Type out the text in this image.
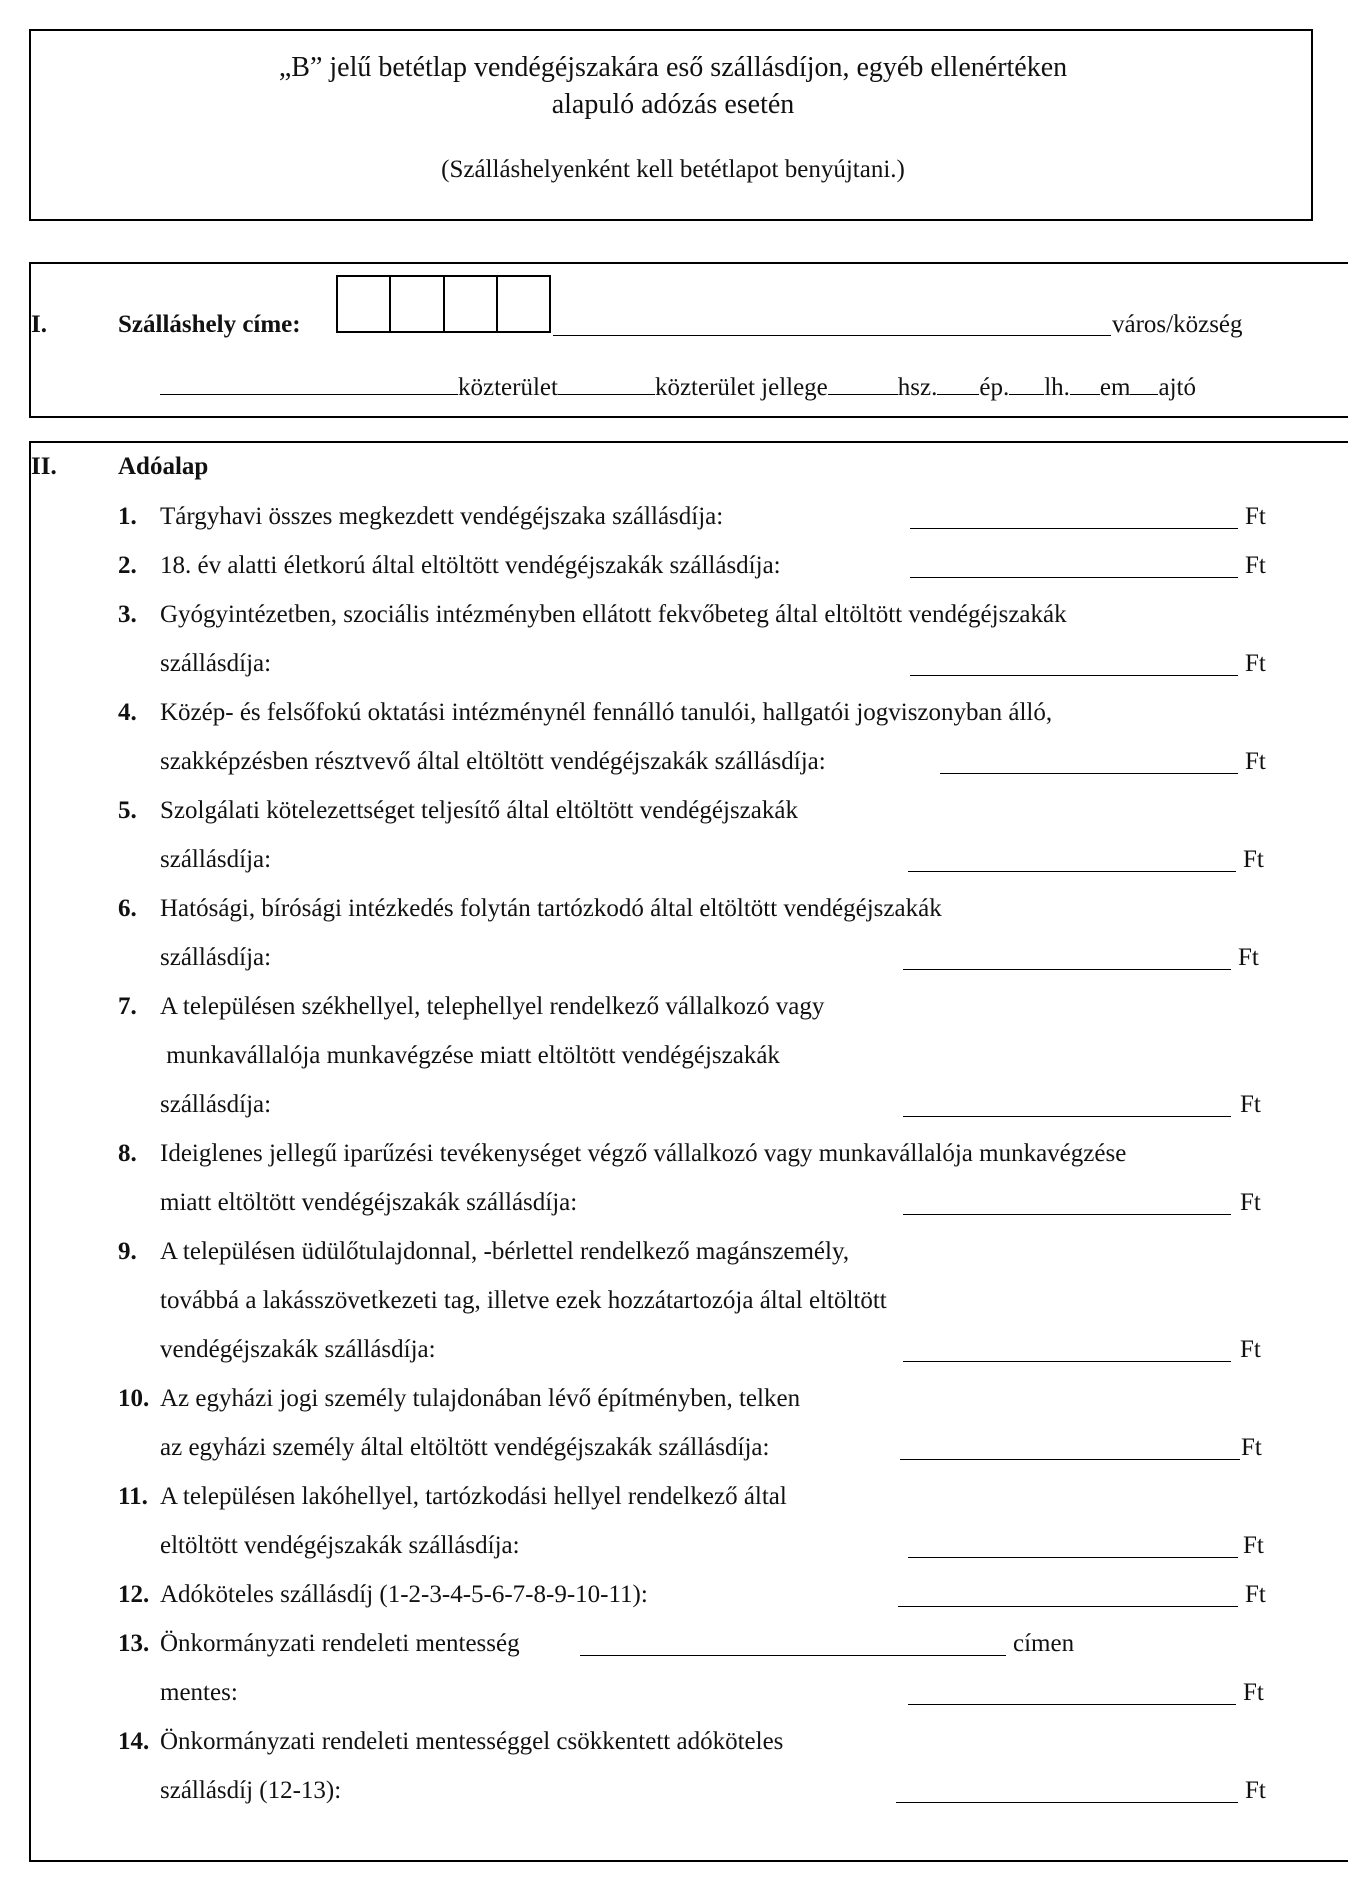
„B” jelű betétlap vendégéjszakára eső szállásdíjon, egyéb ellenértéken
alapuló adózás esetén
(Szálláshelyenként kell betétlapot benyújtani.)
I.	Szálláshely címe:	város/község
közterület	közterület jellege	hsz. ép. lh. em ajtó
II. Adóalap
1. Tárgyhavi összes megkezdett vendégéjszaka szállásdíja:	Ft
2. 18. év alatti életkorú által eltöltött vendégéjszakák szállásdíja:	Ft
3. Gyógyintézetben, szociális intézményben ellátott fekvőbeteg által eltöltött vendégéjszakák
szállásdíja:	Ft
4. Közép- és felsőfokú oktatási intézménynél fennálló tanulói, hallgatói jogviszonyban álló,
szakképzésben résztvevő által eltöltött vendégéjszakák szállásdíja:	Ft
5. Szolgálati kötelezettséget teljesítő által eltöltött vendégéjszakák
szállásdíja:	Ft
6. Hatósági, bírósági intézkedés folytán tartózkodó által eltöltött vendégéjszakák
szállásdíja:	Ft
7. A településen székhellyel, telephellyel rendelkező vállalkozó vagy
munkavállalója munkavégzése miatt eltöltött vendégéjszakák
szállásdíja:	Ft
8. Ideiglenes jellegű iparűzési tevékenységet végző vállalkozó vagy munkavállalója munkavégzése
miatt eltöltött vendégéjszakák szállásdíja:	Ft
9. A településen üdülőtulajdonnal, -bérlettel rendelkező magánszemély,
továbbá a lakásszövetkezeti tag, illetve ezek hozzátartozója által eltöltött
vendégéjszakák szállásdíja:	Ft
10. Az egyházi jogi személy tulajdonában lévő építményben, telken
az egyházi személy által eltöltött vendégéjszakák szállásdíja:	Ft
11. A településen lakóhellyel, tartózkodási hellyel rendelkező által
eltöltött vendégéjszakák szállásdíja:	Ft
12. Adóköteles szállásdíj (1-2-3-4-5-6-7-8-9-10-11):	Ft
13. Önkormányzati rendeleti mentesség	címen
mentes:	Ft
14. Önkormányzati rendeleti mentességgel csökkentett adóköteles
szállásdíj (12-13):	Ft
